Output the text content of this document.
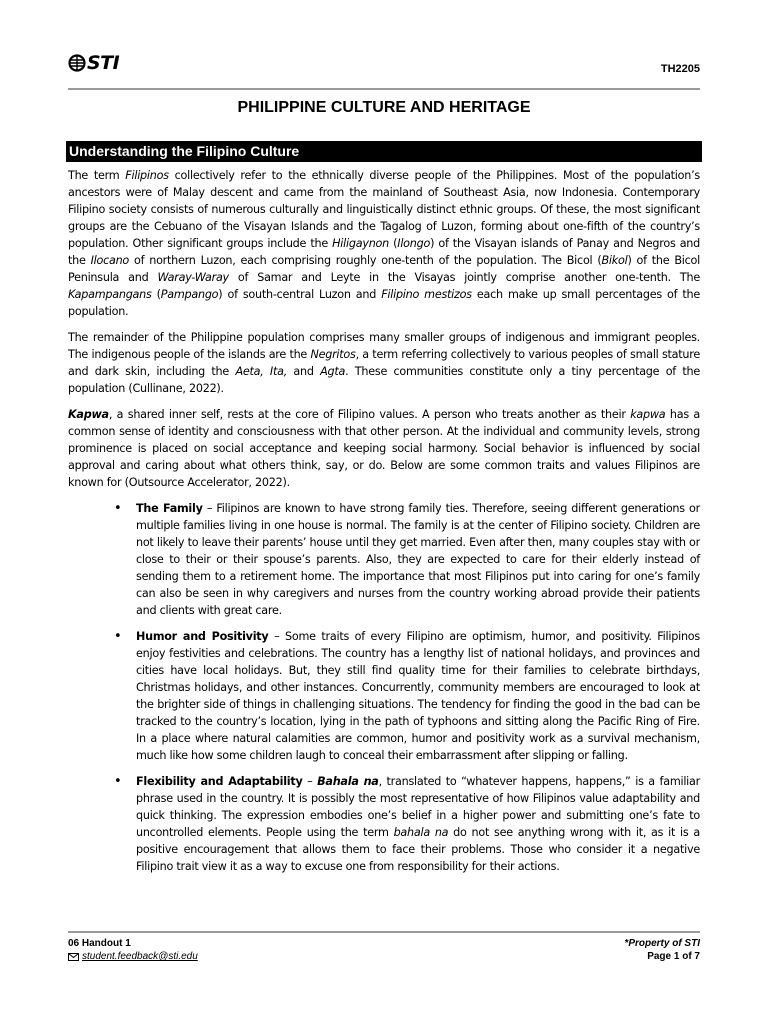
STI	TH2205
PHILIPPINE CULTURE AND HERITAGE
Understanding the Filipino Culture

The term Filipinos collectively refer to the ethnically diverse people of the Philippines. Most of the population’s ancestors were of Malay descent and came from the mainland of Southeast Asia, now Indonesia. Contemporary Filipino society consists of numerous culturally and linguistically distinct ethnic groups. Of these, the most significant groups are the Cebuano of the Visayan Islands and the Tagalog of Luzon, forming about one-fifth of the country’s population. Other significant groups include the Hiligaynon (Ilongo) of the Visayan islands of Panay and Negros and the Ilocano of northern Luzon, each comprising roughly one-tenth of the population. The Bicol (Bikol) of the Bicol Peninsula and Waray-Waray of Samar and Leyte in the Visayas jointly comprise another one-tenth. The Kapampangans (Pampango) of south-central Luzon and Filipino mestizos each make up small percentages of the population.

The remainder of the Philippine population comprises many smaller groups of indigenous and immigrant peoples. The indigenous people of the islands are the Negritos, a term referring collectively to various peoples of small stature and dark skin, including the Aeta, Ita, and Agta. These communities constitute only a tiny percentage of the population (Cullinane, 2022).

Kapwa, a shared inner self, rests at the core of Filipino values. A person who treats another as their kapwa has a common sense of identity and consciousness with that other person. At the individual and community levels, strong prominence is placed on social acceptance and keeping social harmony. Social behavior is influenced by social approval and caring about what others think, say, or do. Below are some common traits and values Filipinos are known for (Outsource Accelerator, 2022).

• The Family – Filipinos are known to have strong family ties. Therefore, seeing different generations or multiple families living in one house is normal. The family is at the center of Filipino society. Children are not likely to leave their parents’ house until they get married. Even after then, many couples stay with or close to their or their spouse’s parents. Also, they are expected to care for their elderly instead of sending them to a retirement home. The importance that most Filipinos put into caring for one’s family can also be seen in why caregivers and nurses from the country working abroad provide their patients and clients with great care.
• Humor and Positivity – Some traits of every Filipino are optimism, humor, and positivity. Filipinos enjoy festivities and celebrations. The country has a lengthy list of national holidays, and provinces and cities have local holidays. But, they still find quality time for their families to celebrate birthdays, Christmas holidays, and other instances. Concurrently, community members are encouraged to look at the brighter side of things in challenging situations. The tendency for finding the good in the bad can be tracked to the country’s location, lying in the path of typhoons and sitting along the Pacific Ring of Fire. In a place where natural calamities are common, humor and positivity work as a survival mechanism, much like how some children laugh to conceal their embarrassment after slipping or falling.
• Flexibility and Adaptability – Bahala na, translated to “whatever happens, happens,” is a familiar phrase used in the country. It is possibly the most representative of how Filipinos value adaptability and quick thinking. The expression embodies one’s belief in a higher power and submitting one’s fate to uncontrolled elements. People using the term bahala na do not see anything wrong with it, as it is a positive encouragement that allows them to face their problems. Those who consider it a negative Filipino trait view it as a way to excuse one from responsibility for their actions.
06 Handout 1
student.feedback@sti.edu
*Property of STI
Page 1 of 7
